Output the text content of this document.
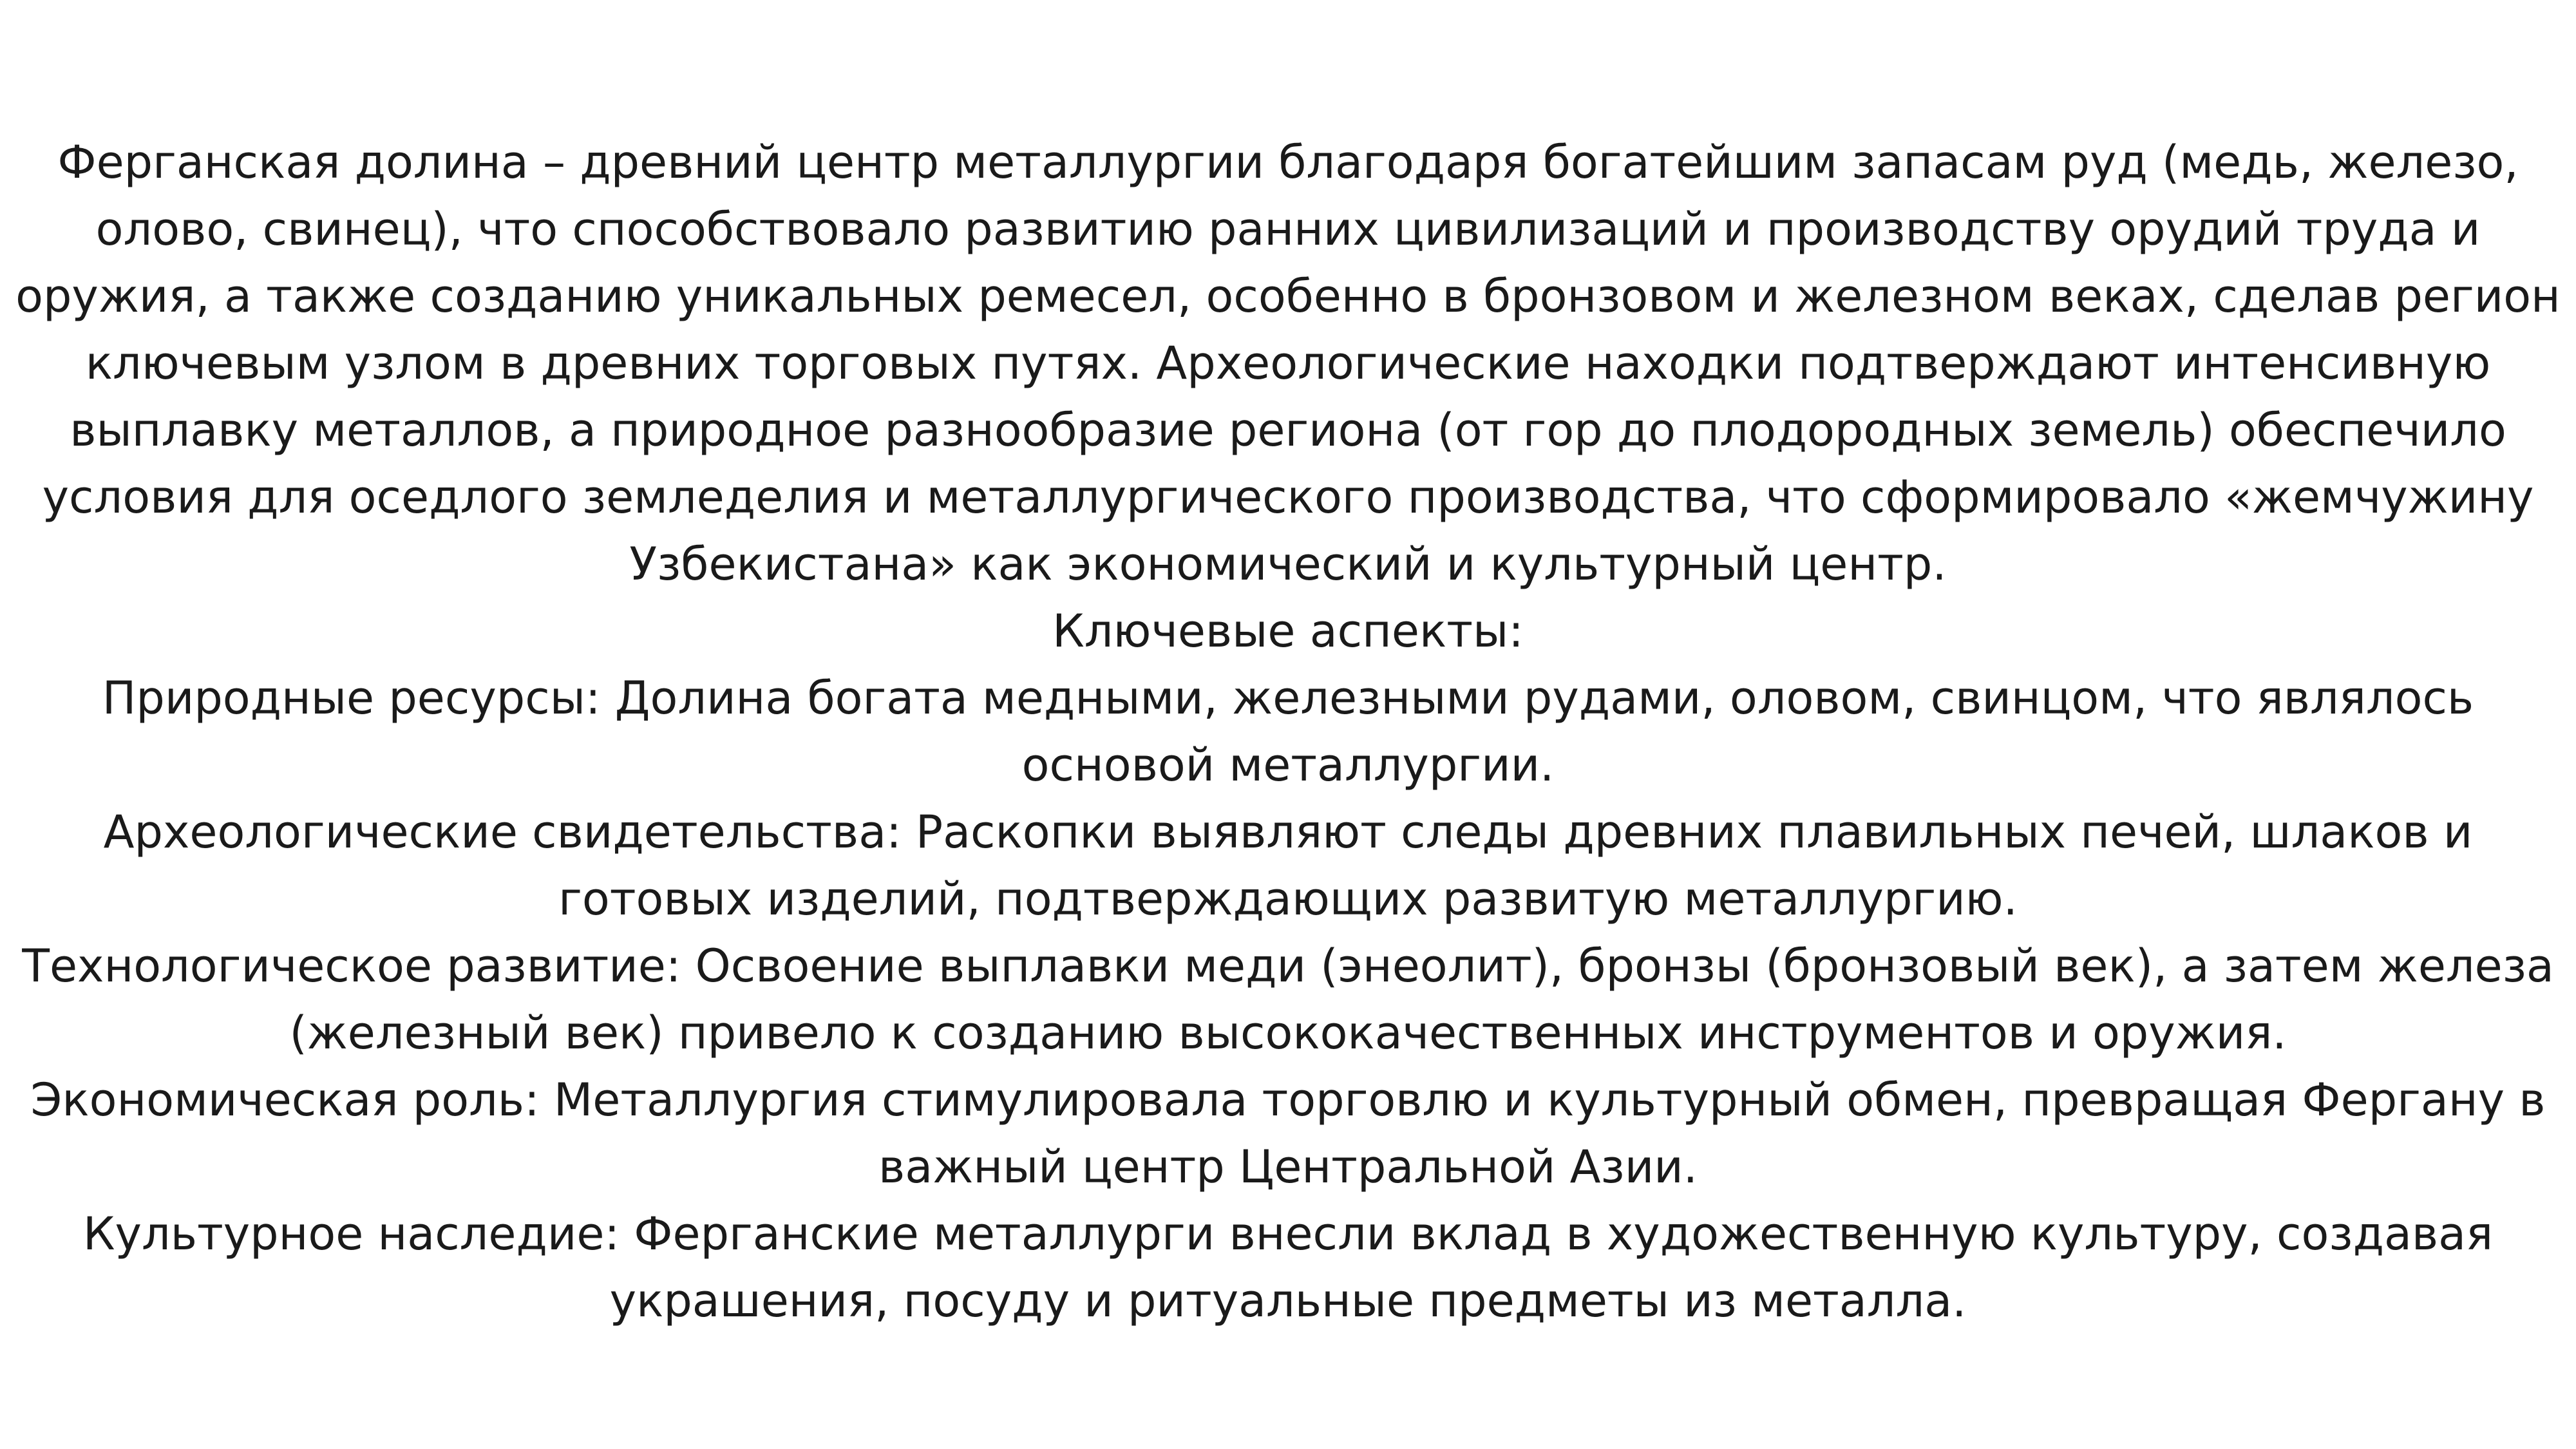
Ферганская долина – древний центр металлургии благодаря богатейшим запасам руд (медь, железо, олово, свинец), что способствовало развитию ранних цивилизаций и производству орудий труда и оружия, а также созданию уникальных ремесел, особенно в бронзовом и железном веках, сделав регион ключевым узлом в древних торговых путях. Археологические находки подтверждают интенсивную выплавку металлов, а природное разнообразие региона (от гор до плодородных земель) обеспечило условия для оседлого земледелия и металлургического производства, что сформировало «жемчужину Узбекистана» как экономический и культурный центр.

Ключевые аспекты:

Природные ресурсы: Долина богата медными, железными рудами, оловом, свинцом, что являлось основой металлургии.

Археологические свидетельства: Раскопки выявляют следы древних плавильных печей, шлаков и готовых изделий, подтверждающих развитую металлургию.

Технологическое развитие: Освоение выплавки меди (энеолит), бронзы (бронзовый век), а затем железа (железный век) привело к созданию высококачественных инструментов и оружия.

Экономическая роль: Металлургия стимулировала торговлю и культурный обмен, превращая Фергану в важный центр Центральной Азии.

Культурное наследие: Ферганские металлурги внесли вклад в художественную культуру, создавая украшения, посуду и ритуальные предметы из металла.
